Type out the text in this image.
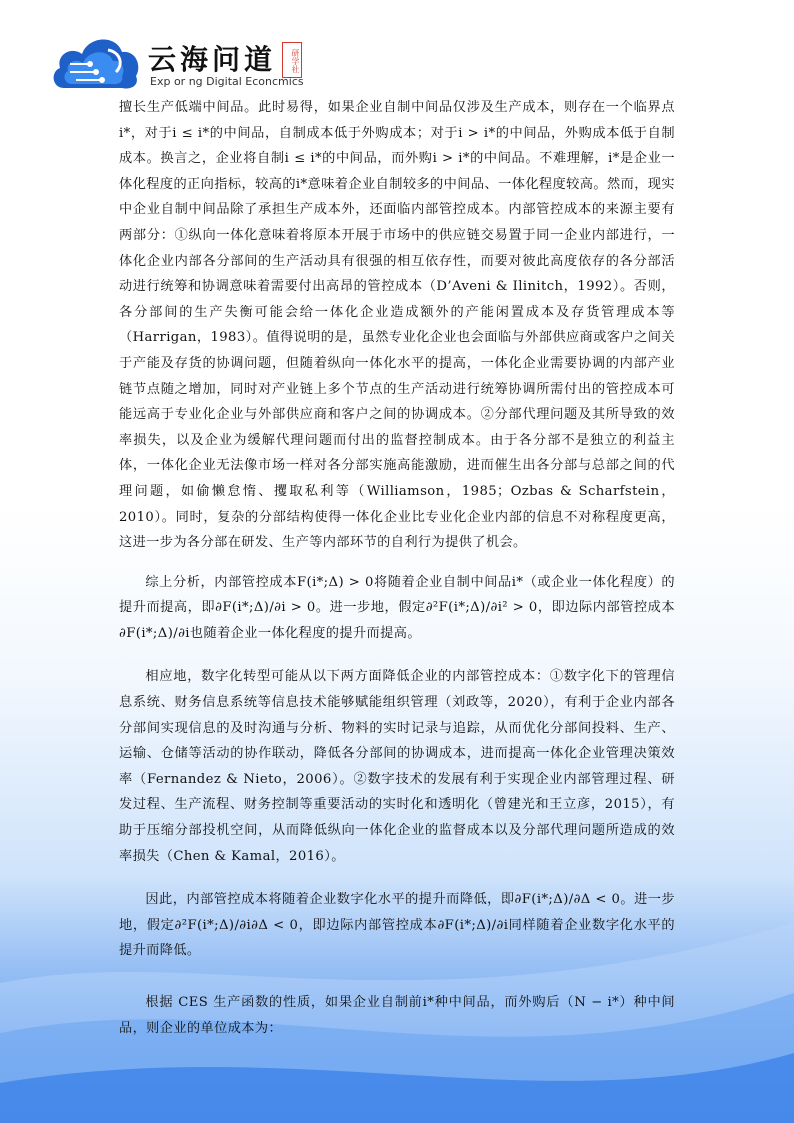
云海问道	研学社
Exp or ng Digital Econcmics

擅长生产低端中间品。此时易得，如果企业自制中间品仅涉及生产成本，则存在一个临界点i*，对于i ≤ i*的中间品，自制成本低于外购成本；对于i > i*的中间品，外购成本低于自制成本。换言之，企业将自制i ≤ i*的中间品，而外购i > i*的中间品。不难理解，i*是企业一体化程度的正向指标，较高的i*意味着企业自制较多的中间品、一体化程度较高。然而，现实中企业自制中间品除了承担生产成本外，还面临内部管控成本。内部管控成本的来源主要有两部分：①纵向一体化意味着将原本开展于市场中的供应链交易置于同一企业内部进行，一体化企业内部各分部间的生产活动具有很强的相互依存性，而要对彼此高度依存的各分部活动进行统筹和协调意味着需要付出高昂的管控成本（D’Aveni & Ilinitch，1992）。否则，各分部间的生产失衡可能会给一体化企业造成额外的产能闲置成本及存货管理成本等（Harrigan，1983）。值得说明的是，虽然专业化企业也会面临与外部供应商或客户之间关于产能及存货的协调问题，但随着纵向一体化水平的提高，一体化企业需要协调的内部产业链节点随之增加，同时对产业链上多个节点的生产活动进行统筹协调所需付出的管控成本可能远高于专业化企业与外部供应商和客户之间的协调成本。②分部代理问题及其所导致的效率损失，以及企业为缓解代理问题而付出的监督控制成本。由于各分部不是独立的利益主体，一体化企业无法像市场一样对各分部实施高能激励，进而催生出各分部与总部之间的代理问题，如偷懒怠惰、攫取私利等（Williamson，1985；Ozbas & Scharfstein，2010）。同时，复杂的分部结构使得一体化企业比专业化企业内部的信息不对称程度更高，这进一步为各分部在研发、生产等内部环节的自利行为提供了机会。

综上分析，内部管控成本F(i*;Δ) > 0将随着企业自制中间品i*（或企业一体化程度）的提升而提高，即∂F(i*;Δ)/∂i > 0。进一步地，假定∂²F(i*;Δ)/∂i² > 0，即边际内部管控成本∂F(i*;Δ)/∂i也随着企业一体化程度的提升而提高。

相应地，数字化转型可能从以下两方面降低企业的内部管控成本：①数字化下的管理信息系统、财务信息系统等信息技术能够赋能组织管理（刘政等，2020），有利于企业内部各分部间实现信息的及时沟通与分析、物料的实时记录与追踪，从而优化分部间投料、生产、运输、仓储等活动的协作联动，降低各分部间的协调成本，进而提高一体化企业管理决策效率（Fernandez & Nieto，2006）。②数字技术的发展有利于实现企业内部管理过程、研发过程、生产流程、财务控制等重要活动的实时化和透明化（曾建光和王立彦，2015），有助于压缩分部投机空间，从而降低纵向一体化企业的监督成本以及分部代理问题所造成的效率损失（Chen & Kamal，2016）。

因此，内部管控成本将随着企业数字化水平的提升而降低，即∂F(i*;Δ)/∂Δ < 0。进一步地，假定∂²F(i*;Δ)/∂i∂Δ < 0，即边际内部管控成本∂F(i*;Δ)/∂i同样随着企业数字化水平的提升而降低。

根据 CES 生产函数的性质，如果企业自制前i*种中间品，而外购后（N − i*）种中间品，则企业的单位成本为：
